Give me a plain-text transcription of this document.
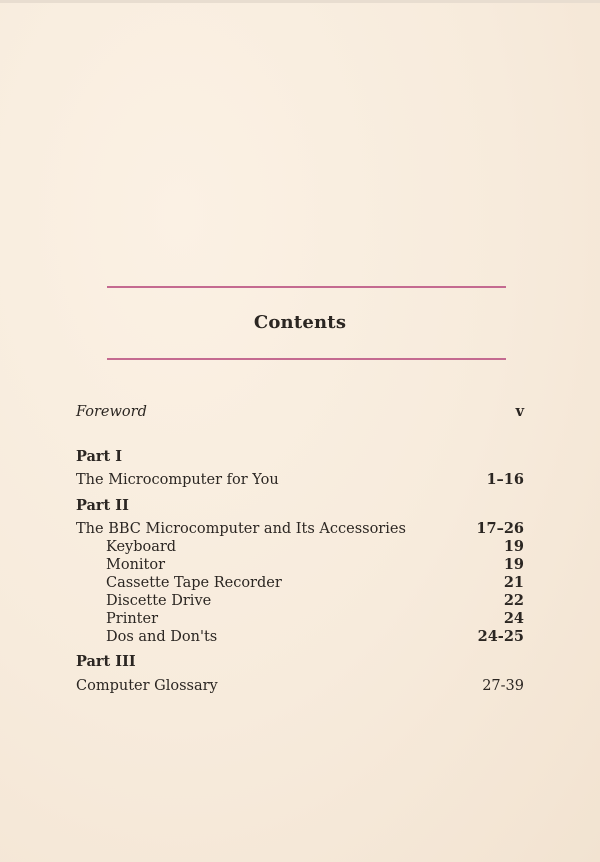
Contents
Foreword	v
Part I
The Microcomputer for You	1–16
Part II
The BBC Microcomputer and Its Accessories	17–26
Keyboard	19
Monitor	19
Cassette Tape Recorder	21
Discette Drive	22
Printer	24
Dos and Don'ts	24-25
Part III
Computer Glossary	27-39
